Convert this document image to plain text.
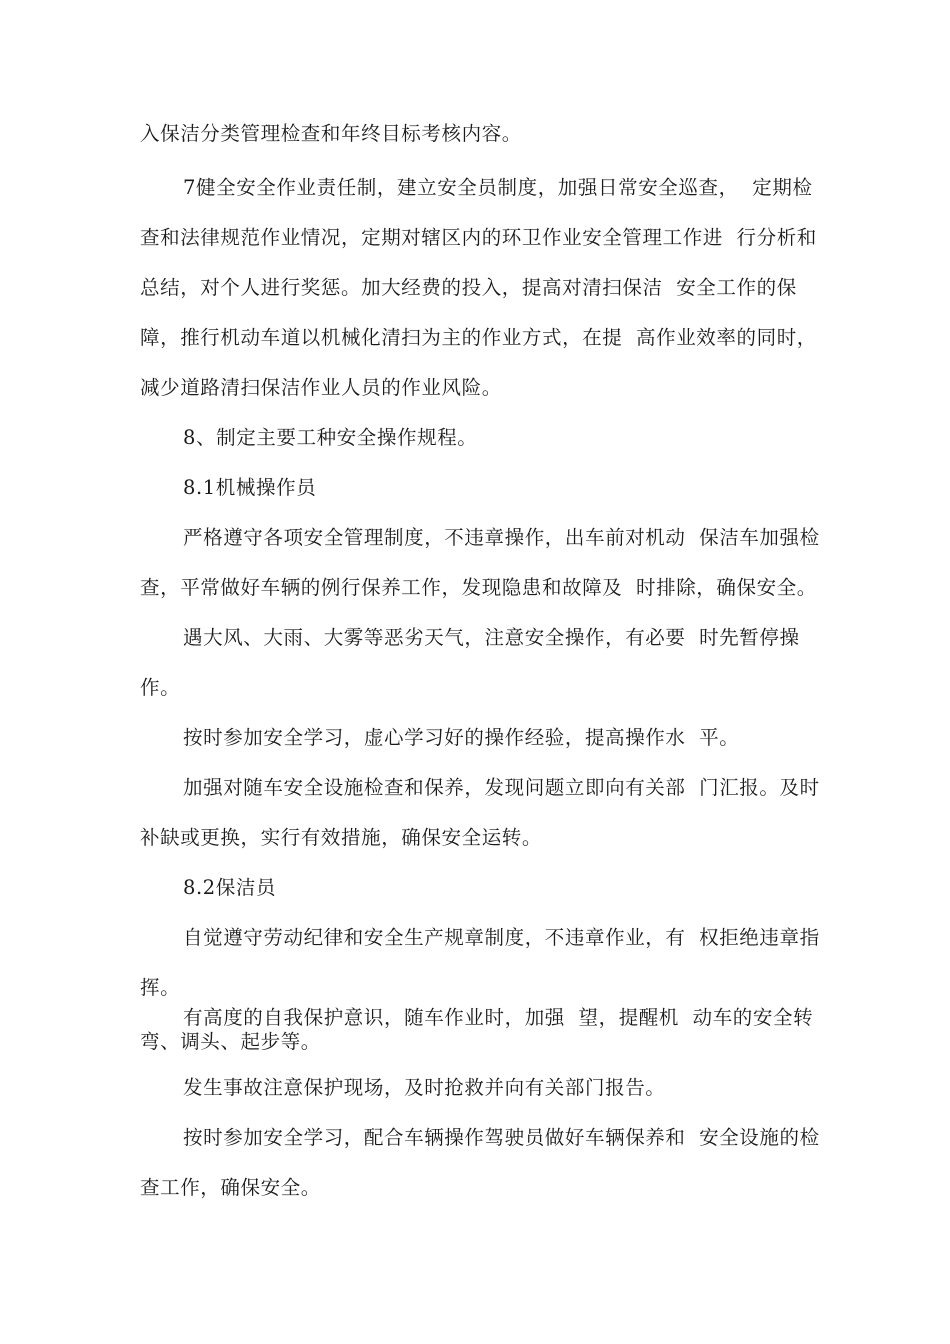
入保洁分类管理检查和年终目标考核内容。
7健全安全作业责任制，建立安全员制度，加强日常安全巡查，  定期检
查和法律规范作业情况，定期对辖区内的环卫作业安全管理工作进  行分析和
总结，对个人进行奖惩。加大经费的投入，提高对清扫保洁  安全工作的保
障，推行机动车道以机械化清扫为主的作业方式，在提  高作业效率的同时，
减少道路清扫保洁作业人员的作业风险。
8、制定主要工种安全操作规程。
8.1机械操作员
严格遵守各项安全管理制度，不违章操作，出车前对机动  保洁车加强检
查，平常做好车辆的例行保养工作，发现隐患和故障及  时排除，确保安全。
遇大风、大雨、大雾等恶劣天气，注意安全操作，有必要  时先暂停操
作。
按时参加安全学习，虚心学习好的操作经验，提高操作水  平。
加强对随车安全设施检查和保养，发现问题立即向有关部  门汇报。及时
补缺或更换，实行有效措施，确保安全运转。
8.2保洁员
自觉遵守劳动纪律和安全生产规章制度，不违章作业，有  权拒绝违章指
挥。
有高度的自我保护意识，随车作业时，加强  望，提醒机  动车的安全转
弯、调头、起步等。
发生事故注意保护现场，及时抢救并向有关部门报告。
按时参加安全学习，配合车辆操作驾驶员做好车辆保养和  安全设施的检
查工作，确保安全。
